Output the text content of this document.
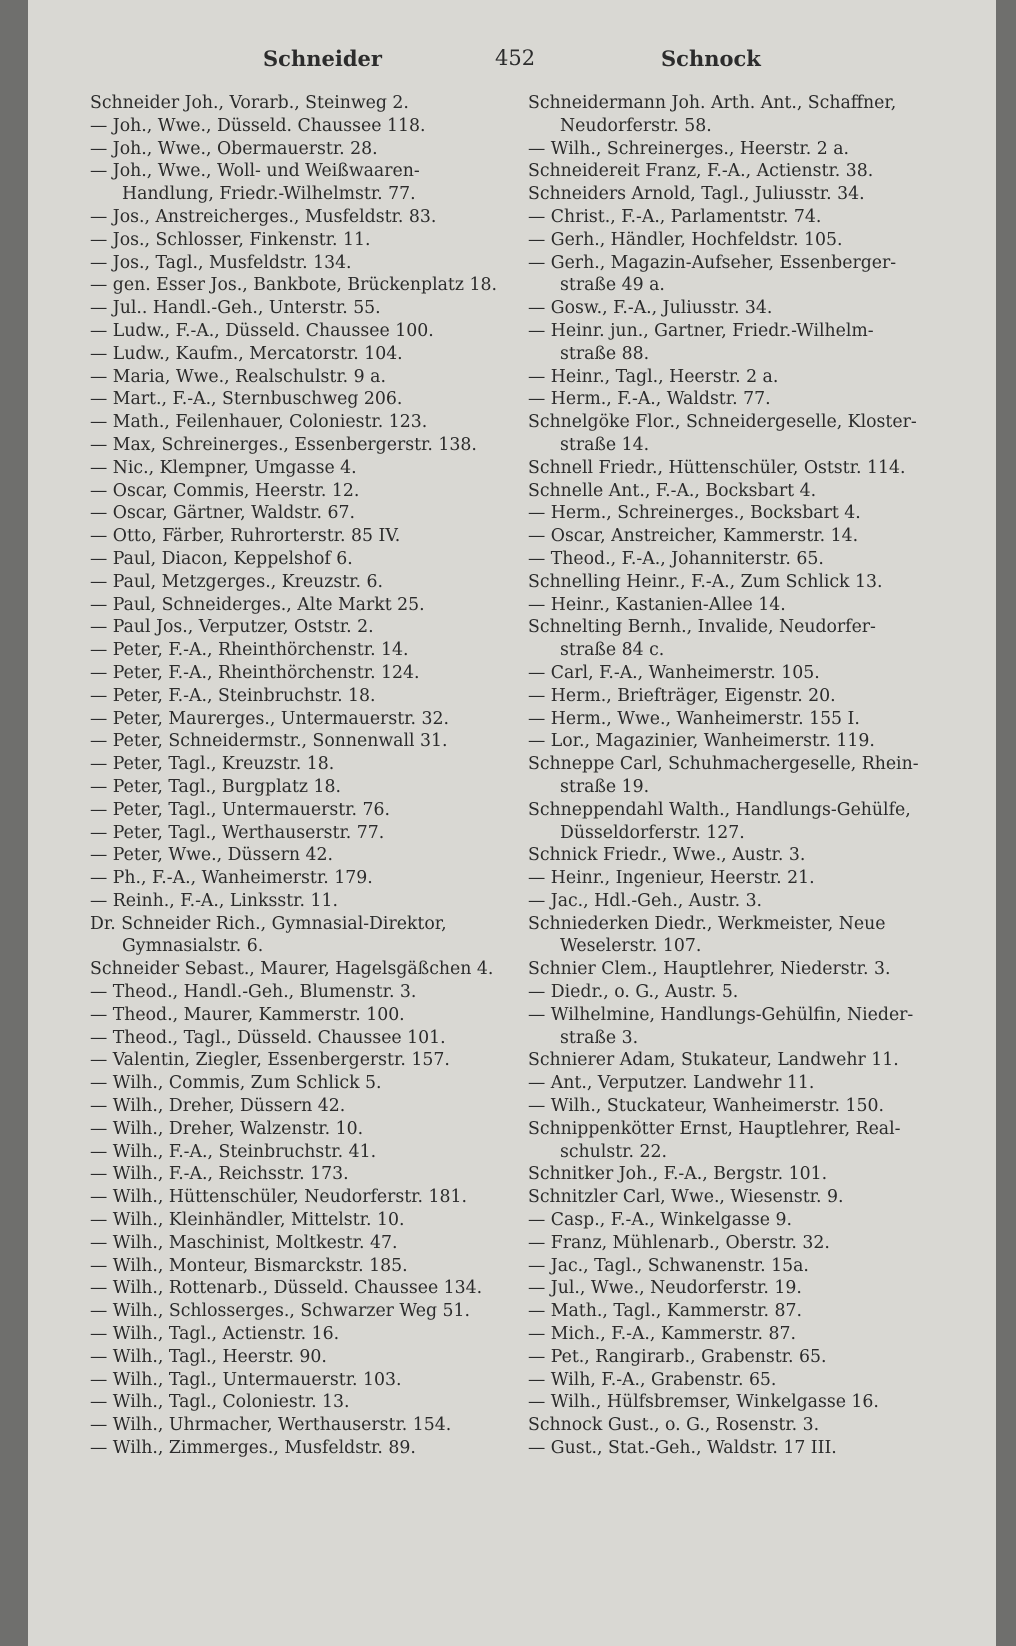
Schneider	452	Schnock
Schneider Joh., Vorarb., Steinweg 2.
— Joh., Wwe., Düsseld. Chaussee 118.
— Joh., Wwe., Obermauerstr. 28.
— Joh., Wwe., Woll- und Weißwaaren-
Handlung, Friedr.-Wilhelmstr. 77.
— Jos., Anstreicherges., Musfeldstr. 83.
— Jos., Schlosser, Finkenstr. 11.
— Jos., Tagl., Musfeldstr. 134.
— gen. Esser Jos., Bankbote, Brückenplatz 18.
— Jul.. Handl.-Geh., Unterstr. 55.
— Ludw., F.-A., Düsseld. Chaussee 100.
— Ludw., Kaufm., Mercatorstr. 104.
— Maria, Wwe., Realschulstr. 9 a.
— Mart., F.-A., Sternbuschweg 206.
— Math., Feilenhauer, Coloniestr. 123.
— Max, Schreinerges., Essenbergerstr. 138.
— Nic., Klempner, Umgasse 4.
— Oscar, Commis, Heerstr. 12.
— Oscar, Gärtner, Waldstr. 67.
— Otto, Färber, Ruhrorterstr. 85 IV.
— Paul, Diacon, Keppelshof 6.
— Paul, Metzgerges., Kreuzstr. 6.
— Paul, Schneiderges., Alte Markt 25.
— Paul Jos., Verputzer, Oststr. 2.
— Peter, F.-A., Rheinthörchenstr. 14.
— Peter, F.-A., Rheinthörchenstr. 124.
— Peter, F.-A., Steinbruchstr. 18.
— Peter, Maurerges., Untermauerstr. 32.
— Peter, Schneidermstr., Sonnenwall 31.
— Peter, Tagl., Kreuzstr. 18.
— Peter, Tagl., Burgplatz 18.
— Peter, Tagl., Untermauerstr. 76.
— Peter, Tagl., Werthauserstr. 77.
— Peter, Wwe., Düssern 42.
— Ph., F.-A., Wanheimerstr. 179.
— Reinh., F.-A., Linksstr. 11.
Dr. Schneider Rich., Gymnasial-Direktor,
Gymnasialstr. 6.
Schneider Sebast., Maurer, Hagelsgäßchen 4.
— Theod., Handl.-Geh., Blumenstr. 3.
— Theod., Maurer, Kammerstr. 100.
— Theod., Tagl., Düsseld. Chaussee 101.
— Valentin, Ziegler, Essenbergerstr. 157.
— Wilh., Commis, Zum Schlick 5.
— Wilh., Dreher, Düssern 42.
— Wilh., Dreher, Walzenstr. 10.
— Wilh., F.-A., Steinbruchstr. 41.
— Wilh., F.-A., Reichsstr. 173.
— Wilh., Hüttenschüler, Neudorferstr. 181.
— Wilh., Kleinhändler, Mittelstr. 10.
— Wilh., Maschinist, Moltkestr. 47.
— Wilh., Monteur, Bismarckstr. 185.
— Wilh., Rottenarb., Düsseld. Chaussee 134.
— Wilh., Schlosserges., Schwarzer Weg 51.
— Wilh., Tagl., Actienstr. 16.
— Wilh., Tagl., Heerstr. 90.
— Wilh., Tagl., Untermauerstr. 103.
— Wilh., Tagl., Coloniestr. 13.
— Wilh., Uhrmacher, Werthauserstr. 154.
— Wilh., Zimmerges., Musfeldstr. 89.
Schneidermann Joh. Arth. Ant., Schaffner,
Neudorferstr. 58.
— Wilh., Schreinerges., Heerstr. 2 a.
Schneidereit Franz, F.-A., Actienstr. 38.
Schneiders Arnold, Tagl., Juliusstr. 34.
— Christ., F.-A., Parlamentstr. 74.
— Gerh., Händler, Hochfeldstr. 105.
— Gerh., Magazin-Aufseher, Essenberger-
straße 49 a.
— Gosw., F.-A., Juliusstr. 34.
— Heinr. jun., Gartner, Friedr.-Wilhelm-
straße 88.
— Heinr., Tagl., Heerstr. 2 a.
— Herm., F.-A., Waldstr. 77.
Schnelgöke Flor., Schneidergeselle, Kloster-
straße 14.
Schnell Friedr., Hüttenschüler, Oststr. 114.
Schnelle Ant., F.-A., Bocksbart 4.
— Herm., Schreinerges., Bocksbart 4.
— Oscar, Anstreicher, Kammerstr. 14.
— Theod., F.-A., Johanniterstr. 65.
Schnelling Heinr., F.-A., Zum Schlick 13.
— Heinr., Kastanien-Allee 14.
Schnelting Bernh., Invalide, Neudorfer-
straße 84 c.
— Carl, F.-A., Wanheimerstr. 105.
— Herm., Briefträger, Eigenstr. 20.
— Herm., Wwe., Wanheimerstr. 155 I.
— Lor., Magazinier, Wanheimerstr. 119.
Schneppe Carl, Schuhmachergeselle, Rhein-
straße 19.
Schneppendahl Walth., Handlungs-Gehülfe,
Düsseldorferstr. 127.
Schnick Friedr., Wwe., Austr. 3.
— Heinr., Ingenieur, Heerstr. 21.
— Jac., Hdl.-Geh., Austr. 3.
Schniederken Diedr., Werkmeister, Neue
Weselerstr. 107.
Schnier Clem., Hauptlehrer, Niederstr. 3.
— Diedr., o. G., Austr. 5.
— Wilhelmine, Handlungs-Gehülfin, Nieder-
straße 3.
Schnierer Adam, Stukateur, Landwehr 11.
— Ant., Verputzer. Landwehr 11.
— Wilh., Stuckateur, Wanheimerstr. 150.
Schnippenkötter Ernst, Hauptlehrer, Real-
schulstr. 22.
Schnitker Joh., F.-A., Bergstr. 101.
Schnitzler Carl, Wwe., Wiesenstr. 9.
— Casp., F.-A., Winkelgasse 9.
— Franz, Mühlenarb., Oberstr. 32.
— Jac., Tagl., Schwanenstr. 15a.
— Jul., Wwe., Neudorferstr. 19.
— Math., Tagl., Kammerstr. 87.
— Mich., F.-A., Kammerstr. 87.
— Pet., Rangirarb., Grabenstr. 65.
— Wilh, F.-A., Grabenstr. 65.
— Wilh., Hülfsbremser, Winkelgasse 16.
Schnock Gust., o. G., Rosenstr. 3.
— Gust., Stat.-Geh., Waldstr. 17 III.
